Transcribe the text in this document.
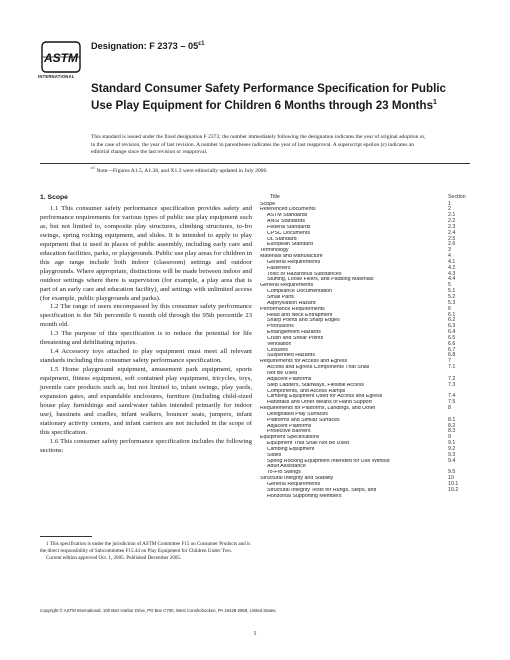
ASTM
INTERNATIONAL
Designation: F $2373 - 05^{\varepsilon 1}$
Standard Consumer Safety Performance Specification for Public Use Play Equipment for Children 6 Months through 23 Months$^1$
This standard is issued under the fixed designation F 2373; the number immediately following the designation indicates the year of original adoption or, in the case of revision, the year of last revision. A number in parentheses indicates the year of last reapproval. A superscript epsilon (ε) indicates an editorial change since the last revision or reapproval.
$^{\varepsilon 1}$ Note—Figures A1.5, A1.36, and X1.3 were editorially updated in July 2006.
1. Scope

1.1 This consumer safety performance specification provides safety and performance requirements for various types of public use play equipment such as, but not limited to, composite play structures, climbing structures, to-fro swings, spring rocking equipment, and slides. It is intended to apply to play equipment that is used in places of public assembly, including early care and education facilities, parks, or playgrounds. Public use play areas for children in this age range include both indoor (classroom) settings and outdoor playgrounds. Where appropriate, distinctions will be made between indoor and outdoor settings where there is supervision (for example, a play area that is part of an early care and education facility), and settings with unlimited access (for example, public playgrounds and parks).

1.2 The range of users encompassed by this consumer safety performance specification is the 5th percentile 6 month old through the 95th percentile 23 month old.

1.3 The purpose of this specification is to reduce the potential for life threatening and debilitating injuries.

1.4 Accessory toys attached to play equipment must meet all relevant standards including this consumer safety performance specification.

1.5 Home playground equipment, amusement park equipment, sports equipment, fitness equipment, soft contained play equipment, tricycles, toys, juvenile care products such as, but not limited to, infant swings, play yards, expansion gates, and expandable enclosures, furniture (including child-sized house play furnishings and sand/water tables intended primarily for indoor use), bassinets and cradles, infant walkers, bouncer seats, jumpers, infant stationary activity centers, and infant carriers are not included in the scope of this specification.

1.6 This consumer safety performance specification includes the following sections:

1 This specification is under the jurisdiction of ASTM Committee F15 on Consumer Products and is the direct responsibility of Subcommittee F15.44 on Play Equipment for Children Under Two.

Current edition approved Oct. 1, 2005. Published December 2005.

Title	Section
Scope	1
Referenced Documents	2
ASTM Standards	2.1
ANSI Standards	2.2
Federal Standards	2.3
CPSC Documents	2.4
UL Standard	2.5
European Standard	2.6
Terminology	3
Materials and Manufacture	4
General Requirements	4.1
Fasteners	4.2
Toxic or Hazardous Substances	4.3
Stuffing, Loose Fillers, and Padding Materials	4.4
General Requirements	5
Compliance Documentation	5.1
Small Parts	5.2
Asphyxiation Hazard	5.3
Performance Requirements	6
Head and Neck Entrapment	6.1
Sharp Points and Sharp Edges	6.2
Protrusions	6.3
Entanglement Hazards	6.4
Crush and Shear Points	6.5
Ventilation	6.6
Closures	6.7
Suspended Hazards	6.8
Requirements for Access and Egress	7
Access and Egress Components That Shall	7.1
Not Be Used
Adjacent Platforms	7.2
Step Ladders, Stairways, Flexible Access	7.3
Components, and Access Ramps
Climbing Equipment Used for Access and Egress	7.4
Handrails and Other Means of Hand Support	7.5
Requirements for Platforms, Landings, and Other	8
Designated Play Surfaces
Platforms and Similar Surfaces	8.1
Adjacent Platforms	8.2
Protective Barriers	8.3
Equipment Specifications	9
Equipment That Shall Not Be Used	9.1
Climbing Equipment	9.2
Slides	9.3
Spring Rocking Equipment Intended for Use Without	9.4
Adult Assistance
To-Fro Swings	9.5
Structural Integrity and Stability	10
General Requirements	10.1
Structural Integrity Tests for Rungs, Steps, and	10.2
Horizontal Supporting Members
Copyright © ASTM International, 100 Barr Harbor Drive, PO Box C700, West Conshohocken, PA 19428-2959, United States.
1
